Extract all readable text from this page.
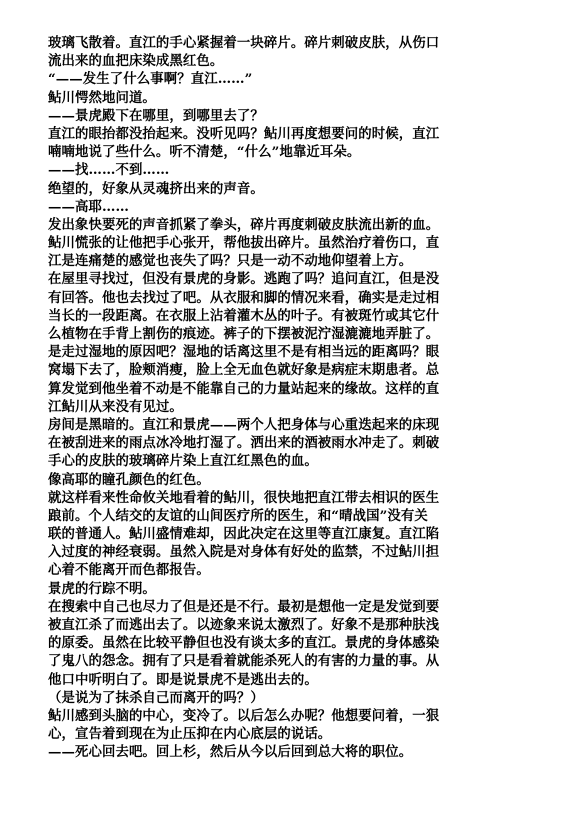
玻璃飞散着。直江的手心紧握着一块碎片。碎片刺破皮肤，从伤口
流出来的血把床染成黑红色。
“——发生了什么事啊？直江……”
鲇川愕然地问道。
——景虎殿下在哪里，到哪里去了？
直江的眼抬都没抬起来。没听见吗？鲇川再度想要问的时候，直江
喃喃地说了些什么。听不清楚，“什么”地靠近耳朵。
——找……不到……
绝望的，好象从灵魂挤出来的声音。
——高耶……
发出象快要死的声音抓紧了拳头，碎片再度刺破皮肤流出新的血。
鲇川慌张的让他把手心张开，帮他拔出碎片。虽然治疗着伤口，直
江是连痛楚的感觉也丧失了吗？只是一动不动地仰望着上方。
在屋里寻找过，但没有景虎的身影。逃跑了吗？追问直江，但是没
有回答。他也去找过了吧。从衣服和脚的情况来看，确实是走过相
当长的一段距离。在衣服上沾着灌木丛的叶子。有被斑竹或其它什
么植物在手背上割伤的痕迹。裤子的下摆被泥泞湿漉漉地弄脏了。
是走过湿地的原因吧？湿地的话离这里不是有相当远的距离吗？眼
窝塌下去了，脸颊消瘦，脸上全无血色就好象是病症末期患者。总
算发觉到他坐着不动是不能靠自己的力量站起来的缘故。这样的直
江鲇川从来没有见过。
房间是黑暗的。直江和景虎——两个人把身体与心重迭起来的床现
在被刮进来的雨点冰冷地打湿了。洒出来的酒被雨水冲走了。刺破
手心的皮肤的玻璃碎片染上直江红黑色的血。
像高耶的瞳孔颜色的红色。
就这样看来性命攸关地看着的鲇川，很快地把直江带去相识的医生
踉前。个人结交的友谊的山间医疗所的医生，和“晴战国”没有关
联的普通人。鲇川盛情难却，因此决定在这里等直江康复。直江陷
入过度的神经衰弱。虽然入院是对身体有好处的监禁，不过鲇川担
心着不能离开而色都报告。
景虎的行踪不明。
在搜索中自己也尽力了但是还是不行。最初是想他一定是发觉到要
被直江杀了而逃出去了。以迹象来说太激烈了。好象不是那种肤浅
的原委。虽然在比较平静但也没有谈太多的直江。景虎的身体感染
了鬼八的怨念。拥有了只是看着就能杀死人的有害的力量的事。从
他口中听明白了。即是说景虎不是逃出去的。
（是说为了抹杀自己而离开的吗？）
鲇川感到头脑的中心，变冷了。以后怎么办呢？他想要问着，一狠
心，宣告着到现在为止压抑在内心底层的说话。
——死心回去吧。回上杉，然后从今以后回到总大将的职位。
